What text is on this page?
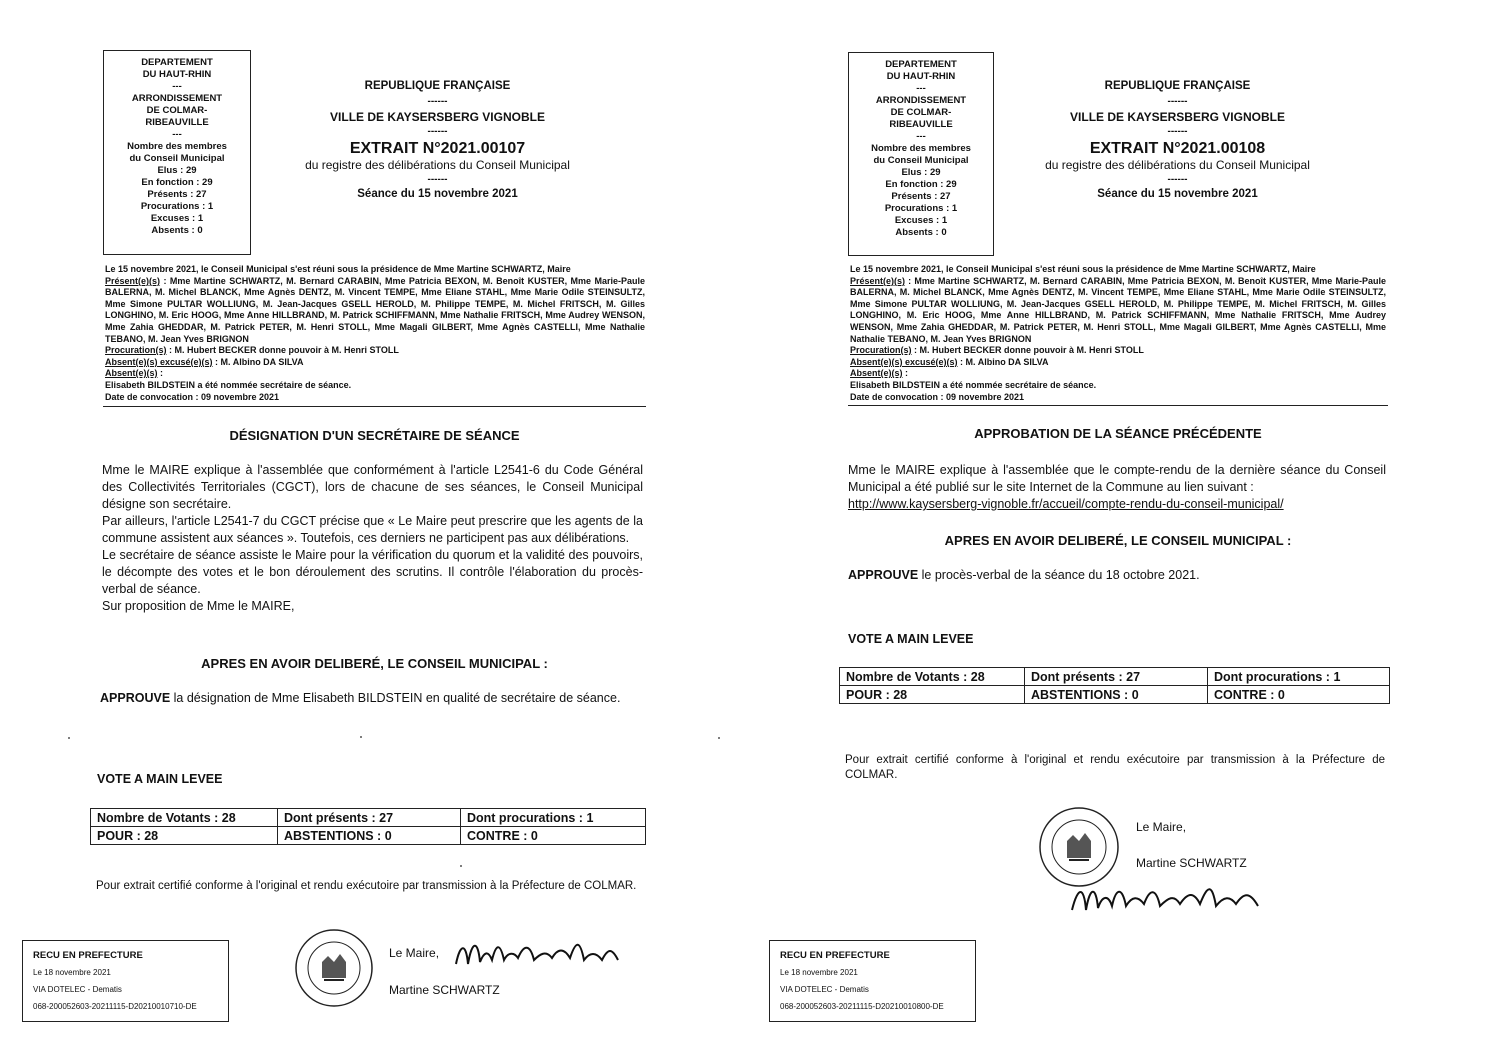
DEPARTEMENT
DU HAUT-RHIN
---
ARRONDISSEMENT
DE COLMAR-
RIBEAUVILLE
---
Nombre des membres
du Conseil Municipal
Elus : 29
En fonction : 29
Présents : 27
Procurations : 1
Excuses : 1
Absents : 0
REPUBLIQUE FRANÇAISE
------
VILLE DE KAYSERSBERG VIGNOBLE
------
EXTRAIT N°2021.00107
du registre des délibérations du Conseil Municipal
------
Séance du 15 novembre 2021
Le 15 novembre 2021, le Conseil Municipal s'est réuni sous la présidence de Mme Martine SCHWARTZ, Maire
Présent(e)(s) : Mme Martine SCHWARTZ, M. Bernard CARABIN, Mme Patricia BEXON, M. Benoît KUSTER, Mme Marie-Paule BALERNA, M. Michel BLANCK, Mme Agnès DENTZ, M. Vincent TEMPE, Mme Eliane STAHL, Mme Marie Odile STEINSULTZ, Mme Simone PULTAR WOLLIUNG, M. Jean-Jacques GSELL HEROLD, M. Philippe TEMPE, M. Michel FRITSCH, M. Gilles LONGHINO, M. Eric HOOG, Mme Anne HILLBRAND, M. Patrick SCHIFFMANN, Mme Nathalie FRITSCH, Mme Audrey WENSON, Mme Zahia GHEDDAR, M. Patrick PETER, M. Henri STOLL, Mme Magali GILBERT, Mme Agnès CASTELLI, Mme Nathalie TEBANO, M. Jean Yves BRIGNON
Procuration(s) : M. Hubert BECKER donne pouvoir à M. Henri STOLL
Absent(e)(s) excusé(e)(s) : M. Albino DA SILVA
Absent(e)(s) :
Elisabeth BILDSTEIN a été nommée secrétaire de séance.
Date de convocation : 09 novembre 2021
DÉSIGNATION D'UN SECRÉTAIRE DE SÉANCE
Mme le MAIRE explique à l'assemblée que conformément à l'article L2541-6 du Code Général des Collectivités Territoriales (CGCT), lors de chacune de ses séances, le Conseil Municipal désigne son secrétaire.
Par ailleurs, l'article L2541-7 du CGCT précise que « Le Maire peut prescrire que les agents de la commune assistent aux séances ». Toutefois, ces derniers ne participent pas aux délibérations.
Le secrétaire de séance assiste le Maire pour la vérification du quorum et la validité des pouvoirs, le décompte des votes et le bon déroulement des scrutins. Il contrôle l'élaboration du procès-verbal de séance.
Sur proposition de Mme le MAIRE,
APRES EN AVOIR DELIBERÉ, LE CONSEIL MUNICIPAL :
APPROUVE la désignation de Mme Elisabeth BILDSTEIN en qualité de secrétaire de séance.
VOTE A MAIN LEVEE
Nombre de Votants : 28	Dont présents : 27	Dont procurations : 1
POUR : 28	ABSTENTIONS : 0	CONTRE : 0
Pour extrait certifié conforme à l'original et rendu exécutoire par transmission à la Préfecture de COLMAR.
RECU EN PREFECTURE
Le 18 novembre 2021
VIA DOTELEC - Dematis
068-200052603-20211115-D20210010710-DE
Le Maire,
Martine SCHWARTZ
DEPARTEMENT
DU HAUT-RHIN
---
ARRONDISSEMENT
DE COLMAR-
RIBEAUVILLE
---
Nombre des membres
du Conseil Municipal
Elus : 29
En fonction : 29
Présents : 27
Procurations : 1
Excuses : 1
Absents : 0
REPUBLIQUE FRANÇAISE
------
VILLE DE KAYSERSBERG VIGNOBLE
------
EXTRAIT N°2021.00108
du registre des délibérations du Conseil Municipal
------
Séance du 15 novembre 2021
Le 15 novembre 2021, le Conseil Municipal s'est réuni sous la présidence de Mme Martine SCHWARTZ, Maire
Présent(e)(s) : Mme Martine SCHWARTZ, M. Bernard CARABIN, Mme Patricia BEXON, M. Benoît KUSTER, Mme Marie-Paule BALERNA, M. Michel BLANCK, Mme Agnès DENTZ, M. Vincent TEMPE, Mme Eliane STAHL, Mme Marie Odile STEINSULTZ, Mme Simone PULTAR WOLLIUNG, M. Jean-Jacques GSELL HEROLD, M. Philippe TEMPE, M. Michel FRITSCH, M. Gilles LONGHINO, M. Eric HOOG, Mme Anne HILLBRAND, M. Patrick SCHIFFMANN, Mme Nathalie FRITSCH, Mme Audrey WENSON, Mme Zahia GHEDDAR, M. Patrick PETER, M. Henri STOLL, Mme Magali GILBERT, Mme Agnès CASTELLI, Mme Nathalie TEBANO, M. Jean Yves BRIGNON
Procuration(s) : M. Hubert BECKER donne pouvoir à M. Henri STOLL
Absent(e)(s) excusé(e)(s) : M. Albino DA SILVA
Absent(e)(s) :
Elisabeth BILDSTEIN a été nommée secrétaire de séance.
Date de convocation : 09 novembre 2021
APPROBATION DE LA SÉANCE PRÉCÉDENTE
Mme le MAIRE explique à l'assemblée que le compte-rendu de la dernière séance du Conseil Municipal a été publié sur le site Internet de la Commune au lien suivant :
http://www.kaysersberg-vignoble.fr/accueil/compte-rendu-du-conseil-municipal/
APRES EN AVOIR DELIBERÉ, LE CONSEIL MUNICIPAL :
APPROUVE le procès-verbal de la séance du 18 octobre 2021.
VOTE A MAIN LEVEE
Nombre de Votants : 28	Dont présents : 27	Dont procurations : 1
POUR : 28	ABSTENTIONS : 0	CONTRE : 0
Pour extrait certifié conforme à l'original et rendu exécutoire par transmission à la Préfecture de COLMAR.
Le Maire,
Martine SCHWARTZ
RECU EN PREFECTURE
Le 18 novembre 2021
VIA DOTELEC - Dematis
068-200052603-20211115-D20210010800-DE
